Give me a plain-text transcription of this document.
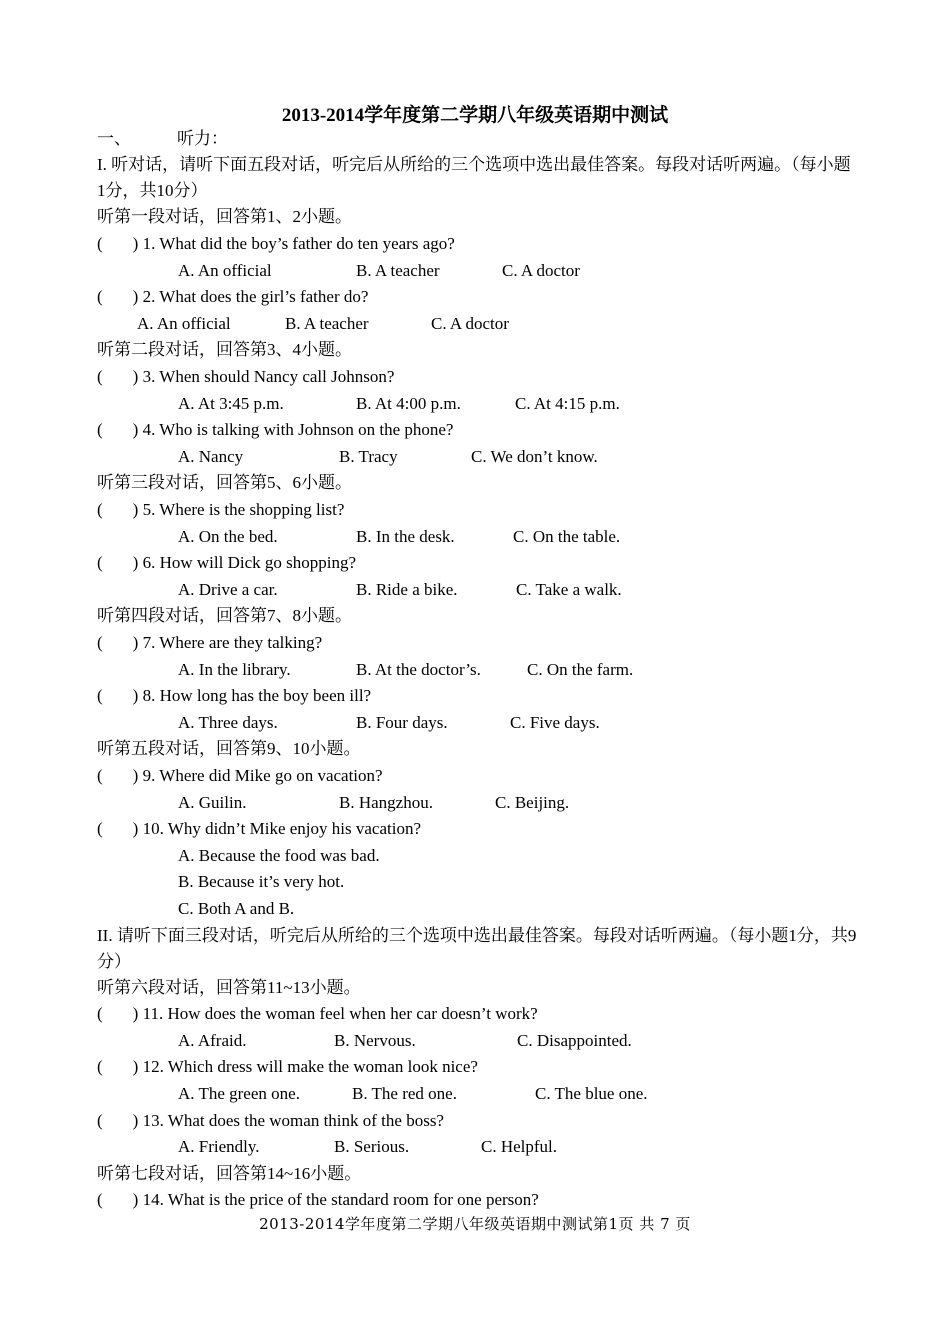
2013-2014学年度第二学期八年级英语期中测试
一、	听力：
I. 听对话，请听下面五段对话，听完后从所给的三个选项中选出最佳答案。每段对话听两遍。（每小题1分，共10分）
听第一段对话，回答第1、2小题。
( ) 1. What did the boy’s father do ten years ago?
A. An official	B. A teacher	C. A doctor
( ) 2. What does the girl’s father do?
A. An official	B. A teacher	C. A doctor
听第二段对话，回答第3、4小题。
( ) 3. When should Nancy call Johnson?
A. At 3:45 p.m.	B. At 4:00 p.m.	C. At 4:15 p.m.
( ) 4. Who is talking with Johnson on the phone?
A. Nancy	B. Tracy	C. We don’t know.
听第三段对话，回答第5、6小题。
( ) 5. Where is the shopping list?
A. On the bed.	B. In the desk.	C. On the table.
( ) 6. How will Dick go shopping?
A. Drive a car.	B. Ride a bike.	C. Take a walk.
听第四段对话，回答第7、8小题。
( ) 7. Where are they talking?
A. In the library.	B. At the doctor’s.	C. On the farm.
( ) 8. How long has the boy been ill?
A. Three days.	B. Four days.	C. Five days.
听第五段对话，回答第9、10小题。
( ) 9. Where did Mike go on vacation?
A. Guilin.	B. Hangzhou.	C. Beijing.
( ) 10. Why didn’t Mike enjoy his vacation?
A. Because the food was bad.
B. Because it’s very hot.
C. Both A and B.
II. 请听下面三段对话，听完后从所给的三个选项中选出最佳答案。每段对话听两遍。（每小题1分，共9分）
听第六段对话，回答第11~13小题。
( ) 11. How does the woman feel when her car doesn’t work?
A. Afraid.	B. Nervous.	C. Disappointed.
( ) 12. Which dress will make the woman look nice?
A. The green one.	B. The red one.	C. The blue one.
( ) 13. What does the woman think of the boss?
A. Friendly.	B. Serious.	C. Helpful.
听第七段对话，回答第14~16小题。
( ) 14. What is the price of the standard room for one person?
2013-2014学年度第二学期八年级英语期中测试第1页 共 7 页
